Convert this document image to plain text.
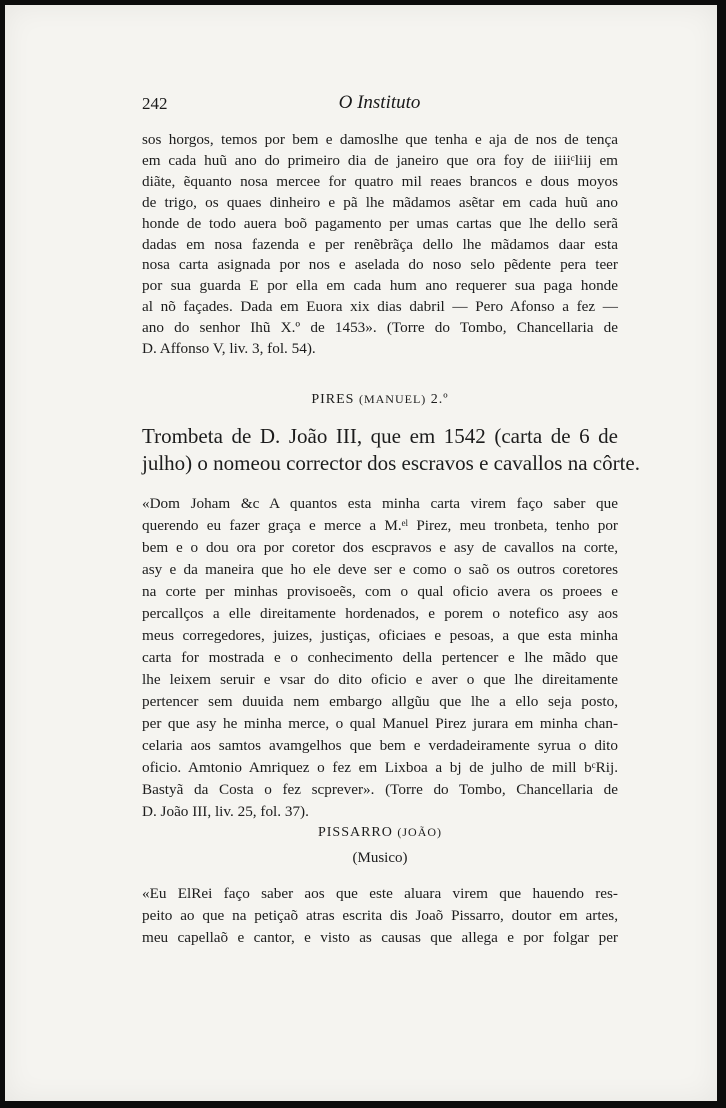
242	O Instituto
sos horgos, temos por bem e damoslhe que tenha e aja de nos de tença
em cada huũ ano do primeiro dia de janeiro que ora foy de iiiiᶜliij em
diãte, ẽquanto nosa mercee for quatro mil reaes brancos e dous moyos
de trigo, os quaes dinheiro e pã lhe mãdamos asẽtar em cada huũ ano
honde de todo auera boõ pagamento per umas cartas que lhe dello serã
dadas em nosa fazenda e per renẽbrãça dello lhe mãdamos daar esta
nosa carta asignada por nos e aselada do noso selo pẽdente pera teer
por sua guarda E por ella em cada hum ano requerer sua paga honde
al nõ façades. Dada em Euora xix dias dabril — Pero Afonso a fez —
ano do senhor Ihũ X.º de 1453». (Torre do Tombo, Chancellaria de
D. Affonso V, liv. 3, fol. 54).
PIRES (MANUEL) 2.º
Trombeta de D. João III, que em 1542 (carta de 6 de
julho) o nomeou corrector dos escravos e cavallos na côrte.
«Dom Joham &c A quantos esta minha carta virem faço saber que
querendo eu fazer graça e merce a M.ᵉˡ Pirez, meu tronbeta, tenho por
bem e o dou ora por coretor dos escpravos e asy de cavallos na corte,
asy e da maneira que ho ele deve ser e como o saõ os outros coretores
na corte per minhas provisoeẽs, com o qual oficio avera os proees e
percallços a elle direitamente hordenados, e porem o notefico asy aos
meus corregedores, juizes, justiças, oficiaes e pesoas, a que esta minha
carta for mostrada e o conhecimento della pertencer e lhe mãdo que
lhe leixem seruir e vsar do dito oficio e aver o que lhe direitamente
pertencer sem duuida nem embargo allgũu que lhe a ello seja posto,
per que asy he minha merce, o qual Manuel Pirez jurara em minha chan-
celaria aos samtos avamgelhos que bem e verdadeiramente syrua o dito
oficio. Amtonio Amriquez o fez em Lixboa a bj de julho de mill bᶜRij.
Bastyã da Costa o fez scprever». (Torre do Tombo, Chancellaria de
D. João III, liv. 25, fol. 37).
PISSARRO (JOÃO)
(Musico)
«Eu ElRei faço saber aos que este aluara virem que hauendo res-
peito ao que na petiçaõ atras escrita dis Joaõ Pissarro, doutor em artes,
meu capellaõ e cantor, e visto as causas que allega e por folgar per
